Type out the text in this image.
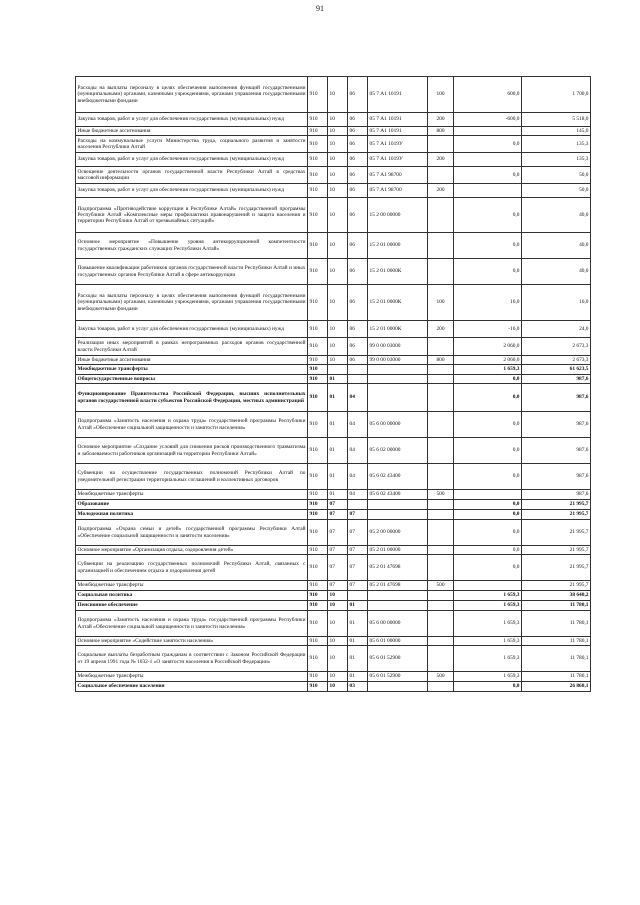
91
Расходы на выплаты персоналу в целях обеспечения выполнения функций государственными (муниципальными) органами, казенными учреждениями, органами управления государственными внебюджетными фондами	910	10	06	05 7 А1 10191	100	600,0	1 700,0
Закупка товаров, работ и услуг для обеспечения государственных (муниципальных) нужд	910	10	06	05 7 А1 10191	200	-600,0	5 518,0
Иные бюджетные ассигнования	910	10	06	05 7 А1 10191	800		145,0
Расходы на коммунальные услуги Министерства труда, социального развития и занятости населения Республики Алтай	910	10	06	05 7 А1 1019У		0,0	135,3
Закупка товаров, работ и услуг для обеспечения государственных (муниципальных) нужд	910	10	06	05 7 А1 1019У	200		135,3
Освещение деятельности органов государственной власти Республики Алтай в средствах массовой информации	910	10	06	05 7 А1 98700		0,0	50,0
Закупка товаров, работ и услуг для обеспечения государственных (муниципальных) нужд	910	10	06	05 7 А1 98700	200		50,0
Подпрограмма «Противодействие коррупции в Республике Алтай» государственной программы Республики Алтай «Комплексные меры профилактики правонарушений и защита населения и территории Республики Алтай от чрезвычайных ситуаций»	910	10	06	15 2 00 00000		0,0	40,0
Основное мероприятие «Повышение уровня антикоррупционной компетентности государственных гражданских служащих Республики Алтай»	910	10	06	15 2 01 00000		0,0	40,0
Повышение квалификации работников органов государственной власти Республики Алтай и иных государственных органов Республики Алтай в сфере антикоррупции	910	10	06	15 2 01 0000К		0,0	40,0
Расходы на выплаты персоналу в целях обеспечения выполнения функций государственными (муниципальными) органами, казенными учреждениями, органами управления государственными внебюджетными фондами	910	10	06	15 2 01 0000К	100	16,0	16,0
Закупка товаров, работ и услуг для обеспечения государственных (муниципальных) нужд	910	10	06	15 2 01 0000К	200	-16,0	24,0
Реализация иных мероприятий в рамках непрограммных расходов органов государственной власти Республики Алтай	910	10	06	99 0 00 03000		2 060,0	2 673,3
Иные бюджетные ассигнования	910	10	06	99 0 00 03000	800	2 060,0	2 673,3
Межбюджетные трансферты	910					1 659,3	61 623,5
Общегосударственные вопросы	910	01				0,0	987,6
Функционирование Правительства Российской Федерации, высших исполнительных органов государственной власти субъектов Российской Федерации, местных администраций	910	01	04			0,0	987,6
Подпрограмма «Занятость населения и охрана труда» государственной программы Республики Алтай «Обеспечение социальной защищенности и занятости населения»	910	01	04	05 6 00 00000		0,0	987,6
Основное мероприятие «Создание условий для снижения рисков производственного травматизма и заболеваемости работников организаций на территории Республики Алтай»	910	01	04	05 6 02 00000		0,0	987,6
Субвенции на осуществление государственных полномочий Республики Алтай по уведомительной регистрации территориальных соглашений и коллективных договоров	910	01	04	05 6 02 43400		0,0	987,6
Межбюджетные трансферты	910	01	04	05 6 02 43400	500		987,6
Образование	910	07				0,0	21 995,7
Молодежная политика	910	07	07			0,0	21 995,7
Подпрограмма «Охрана семьи и детей» государственной программы Республики Алтай «Обеспечение социальной защищенности и занятости населения»	910	07	07	05 2 00 00000		0,0	21 995,7
Основное мероприятие «Организация отдыха, оздоровления детей»	910	07	07	05 2 01 00000		0,0	21 995,7
Субвенции на реализацию государственных полномочий Республики Алтай, связанных с организацией и обеспечением отдыха и оздоровления детей	910	07	07	05 2 01 47698		0,0	21 995,7
Межбюджетные трансферты	910	07	07	05 2 01 47698	500		21 995,7
Социальная политика	910	10				1 659,3	38 640,2
Пенсионное обеспечение	910	10	01			1 659,3	11 780,1
Подпрограмма «Занятость населения и охрана труда» государственной программы Республики Алтай «Обеспечение социальной защищенности и занятости населения»	910	10	01	05 6 00 00000		1 659,3	11 780,1
Основное мероприятие «Содействие занятости населения»	910	10	01	05 6 01 00000		1 659,3	11 780,1
Социальные выплаты безработным гражданам в соответствии с Законом Российской Федерации от 19 апреля 1991 года № 1032-1 «О занятости населения в Российской Федерации»	910	10	01	05 6 01 52900		1 659,3	11 780,1
Межбюджетные трансферты	910	10	01	05 6 01 52900	500	1 659,3	11 780,1
Социальное обеспечение населения	910	10	03			0,0	26 860,1
